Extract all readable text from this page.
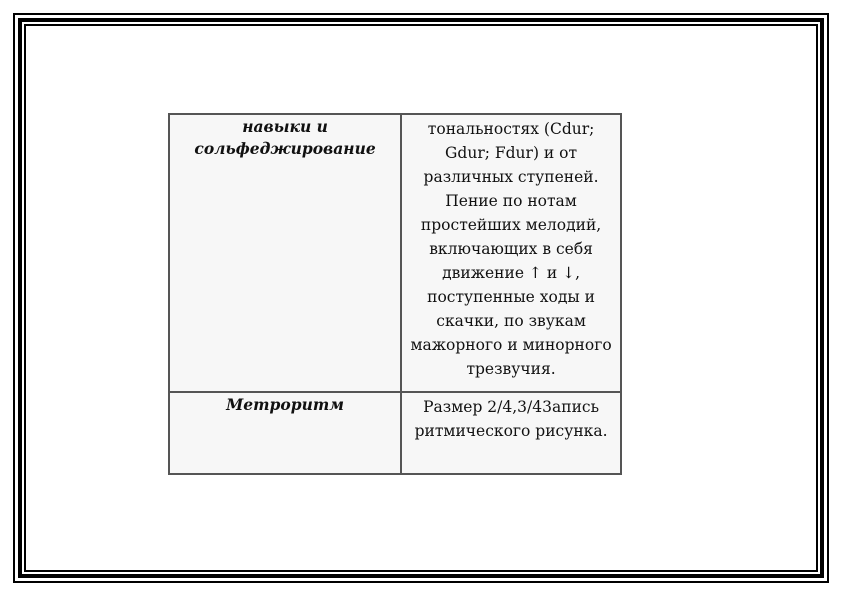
навыки и сольфеджирование	тональностях (Cdur; Gdur; Fdur) и от различных ступеней. Пение по нотам простейших мелодий, включающих в себя движение ↑ и ↓, поступенные ходы и скачки, по звукам мажорного и минорного трезвучия.
Метроритм	Размер 2/4,3/43апись ритмического рисунка.
